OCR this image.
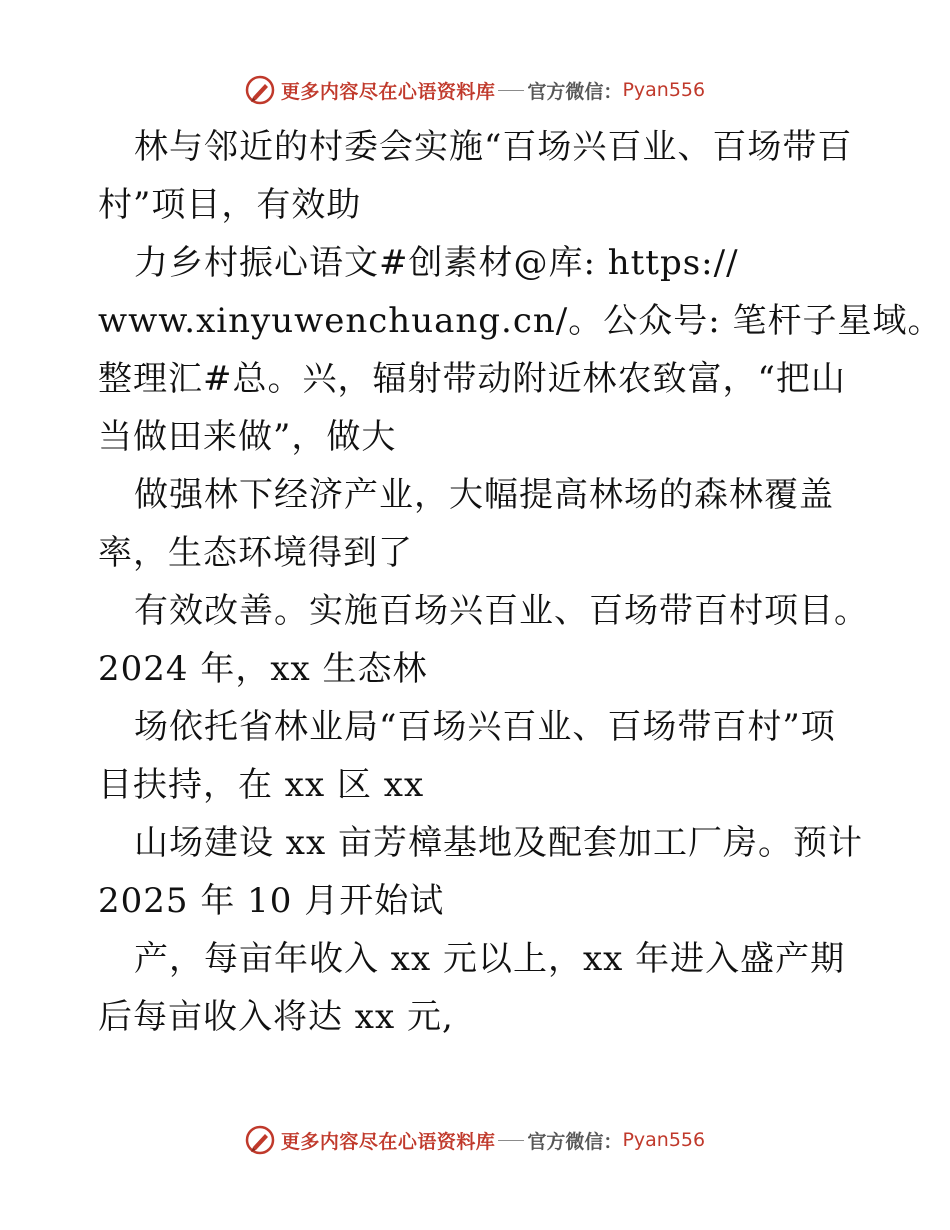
更多内容尽在心语资料库 官方微信： Pyan556

林与邻近的村委会实施“百场兴百业、百场带百

村”项目，有效助

力乡村振心语文#创素材@库: https://

www.xinyuwenchuang.cn/。公众号: 笔杆子星域。

整理汇#总。兴，辐射带动附近林农致富，“把山

当做田来做”，做大

做强林下经济产业，大幅提高林场的森林覆盖

率，生态环境得到了

有效改善。实施百场兴百业、百场带百村项目。

2024 年，xx 生态林

场依托省林业局“百场兴百业、百场带百村”项

目扶持，在 xx 区 xx

山场建设 xx 亩芳樟基地及配套加工厂房。预计

2025 年 10 月开始试

产，每亩年收入 xx 元以上，xx 年进入盛产期

后每亩收入将达 xx 元,

更多内容尽在心语资料库 官方微信： Pyan556
